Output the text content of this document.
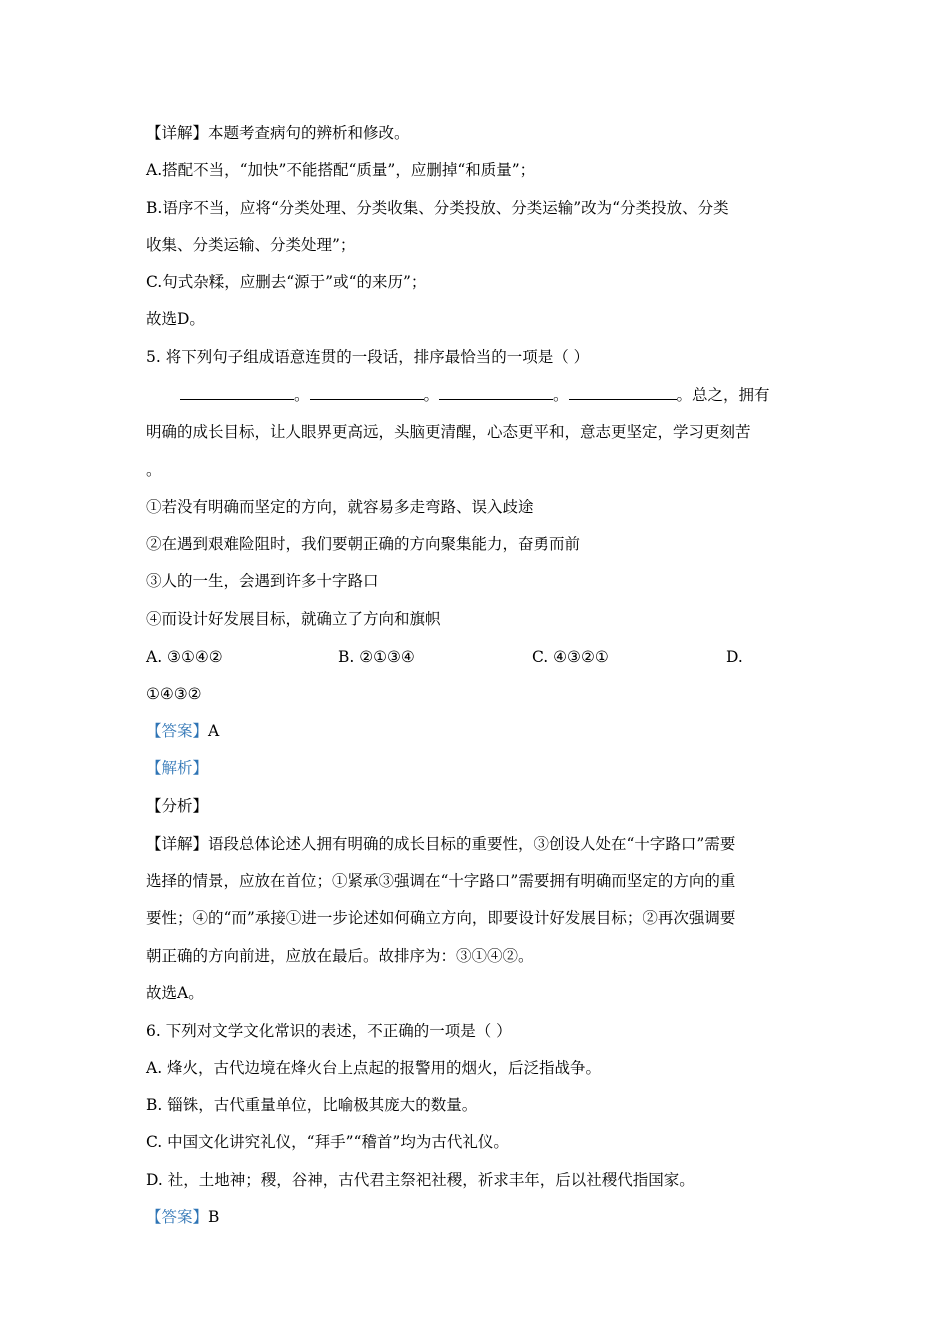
【详解】本题考查病句的辨析和修改。
A.搭配不当，“加快”不能搭配“质量”，应删掉“和质量”；
B.语序不当，应将“分类处理、分类收集、分类投放、分类运输”改为“分类投放、分类
收集、分类运输、分类处理”；
C.句式杂糅，应删去“源于”或“的来历”；
故选D。
5. 将下列句子组成语意连贯的一段话，排序最恰当的一项是（ ）
。	。	。	。总之，拥有
明确的成长目标，让人眼界更高远，头脑更清醒，心态更平和，意志更坚定，学习更刻苦
。
①若没有明确而坚定的方向，就容易多走弯路、误入歧途
②在遇到艰难险阻时，我们要朝正确的方向聚集能力，奋勇而前
③人的一生，会遇到许多十字路口
④而设计好发展目标，就确立了方向和旗帜
A. ③①④②	B. ②①③④	C. ④③②①	D.
①④③②
【答案】A
【解析】
【分析】
【详解】语段总体论述人拥有明确的成长目标的重要性，③创设人处在“十字路口”需要
选择的情景，应放在首位；①紧承③强调在“十字路口”需要拥有明确而坚定的方向的重
要性；④的“而”承接①进一步论述如何确立方向，即要设计好发展目标；②再次强调要
朝正确的方向前进，应放在最后。故排序为：③①④②。
故选A。
6. 下列对文学文化常识的表述，不正确的一项是（ ）
A. 烽火，古代边境在烽火台上点起的报警用的烟火，后泛指战争。
B. 锱铢，古代重量单位，比喻极其庞大的数量。
C. 中国文化讲究礼仪，“拜手”“稽首”均为古代礼仪。
D. 社，土地神；稷，谷神，古代君主祭祀社稷，祈求丰年，后以社稷代指国家。
【答案】B
